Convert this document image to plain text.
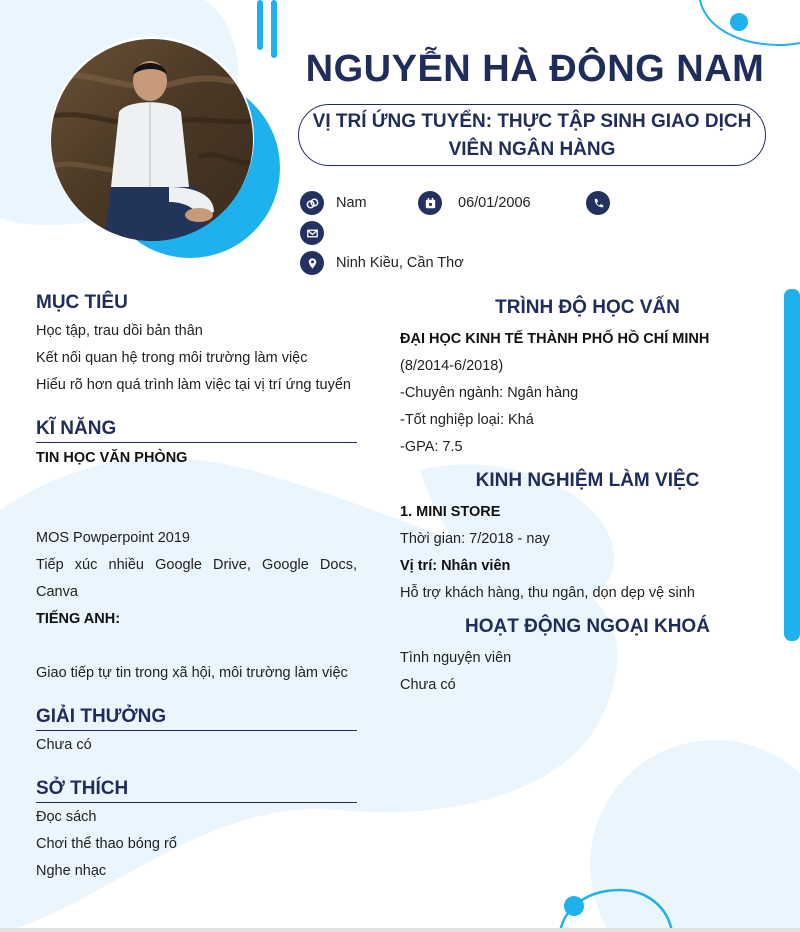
NGUYỄN HÀ ĐÔNG NAM
VỊ TRÍ ỨNG TUYỂN: THỰC TẬP SINH GIAO DỊCH
VIÊN NGÂN HÀNG
Nam	06/01/2006
Ninh Kiều, Cần Thơ
MỤC TIÊU
Học tập, trau dồi bản thân
Kết nối quan hệ trong môi trường làm việc
Hiểu rõ hơn quá trình làm việc tại vị trí ứng tuyển
KĨ NĂNG
TIN HỌC VĂN PHÒNG
MOS Powperpoint 2019
Tiếp xúc nhiều Google Drive, Google Docs,
Canva
TIẾNG ANH:
Giao tiếp tự tin trong xã hội, môi trường làm việc
GIẢI THƯỞNG
Chưa có
SỞ THÍCH
Đọc sách
Chơi thể thao bóng rổ
Nghe nhạc
TRÌNH ĐỘ HỌC VẤN
ĐẠI HỌC KINH TẾ THÀNH PHỐ HỒ CHÍ MINH
(8/2014-6/2018)
-Chuyên ngành: Ngân hàng
-Tốt nghiệp loại: Khá
-GPA: 7.5
KINH NGHIỆM LÀM VIỆC
1. MINI STORE
Thời gian: 7/2018 - nay
Vị trí: Nhân viên
Hỗ trợ khách hàng, thu ngân, dọn dẹp vệ sinh
HOẠT ĐỘNG NGOẠI KHOÁ
Tình nguyện viên
Chưa có
